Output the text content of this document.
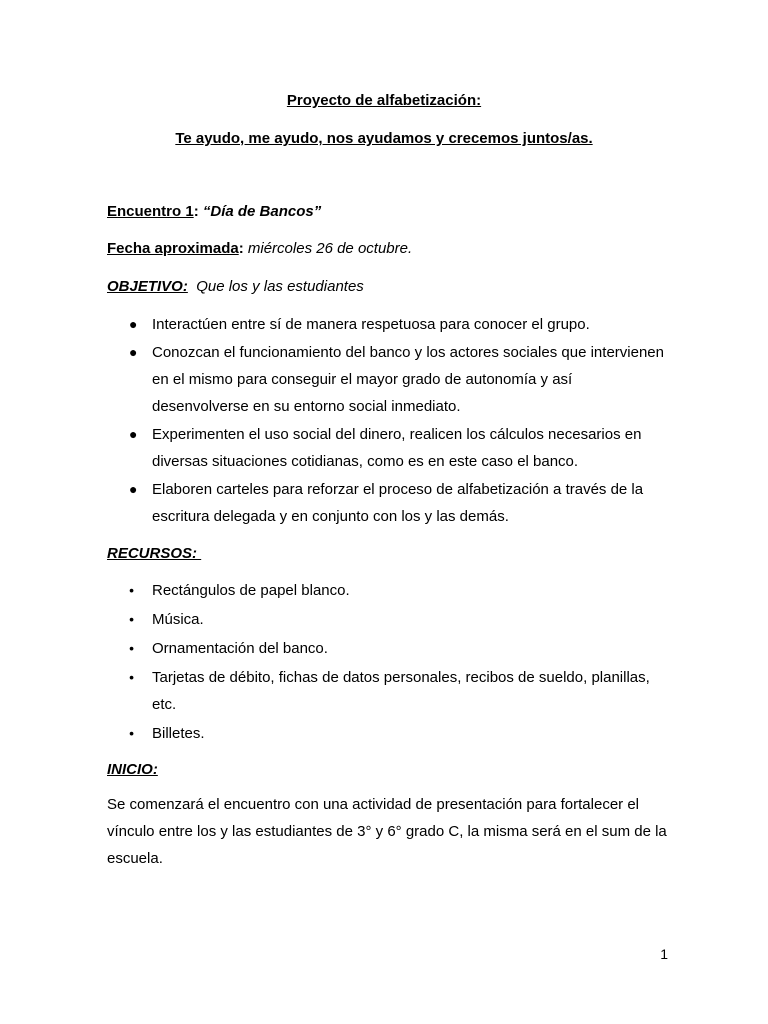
Proyecto de alfabetización:
Te ayudo, me ayudo, nos ayudamos y crecemos juntos/as.
Encuentro 1: “Día de Bancos”
Fecha aproximada: miércoles 26 de octubre.
OBJETIVO: Que los y las estudiantes
● Interactúen entre sí de manera respetuosa para conocer el grupo.
● Conozcan el funcionamiento del banco y los actores sociales que intervienen en el mismo para conseguir el mayor grado de autonomía y así desenvolverse en su entorno social inmediato.
● Experimenten el uso social del dinero, realicen los cálculos necesarios en diversas situaciones cotidianas, como es en este caso el banco.
● Elaboren carteles para reforzar el proceso de alfabetización a través de la escritura delegada y en conjunto con los y las demás.
RECURSOS:
• Rectángulos de papel blanco.
• Música.
• Ornamentación del banco.
• Tarjetas de débito, fichas de datos personales, recibos de sueldo, planillas, etc.
• Billetes.
INICIO:
Se comenzará el encuentro con una actividad de presentación para fortalecer el vínculo entre los y las estudiantes de 3° y 6° grado C, la misma será en el sum de la escuela.
1
